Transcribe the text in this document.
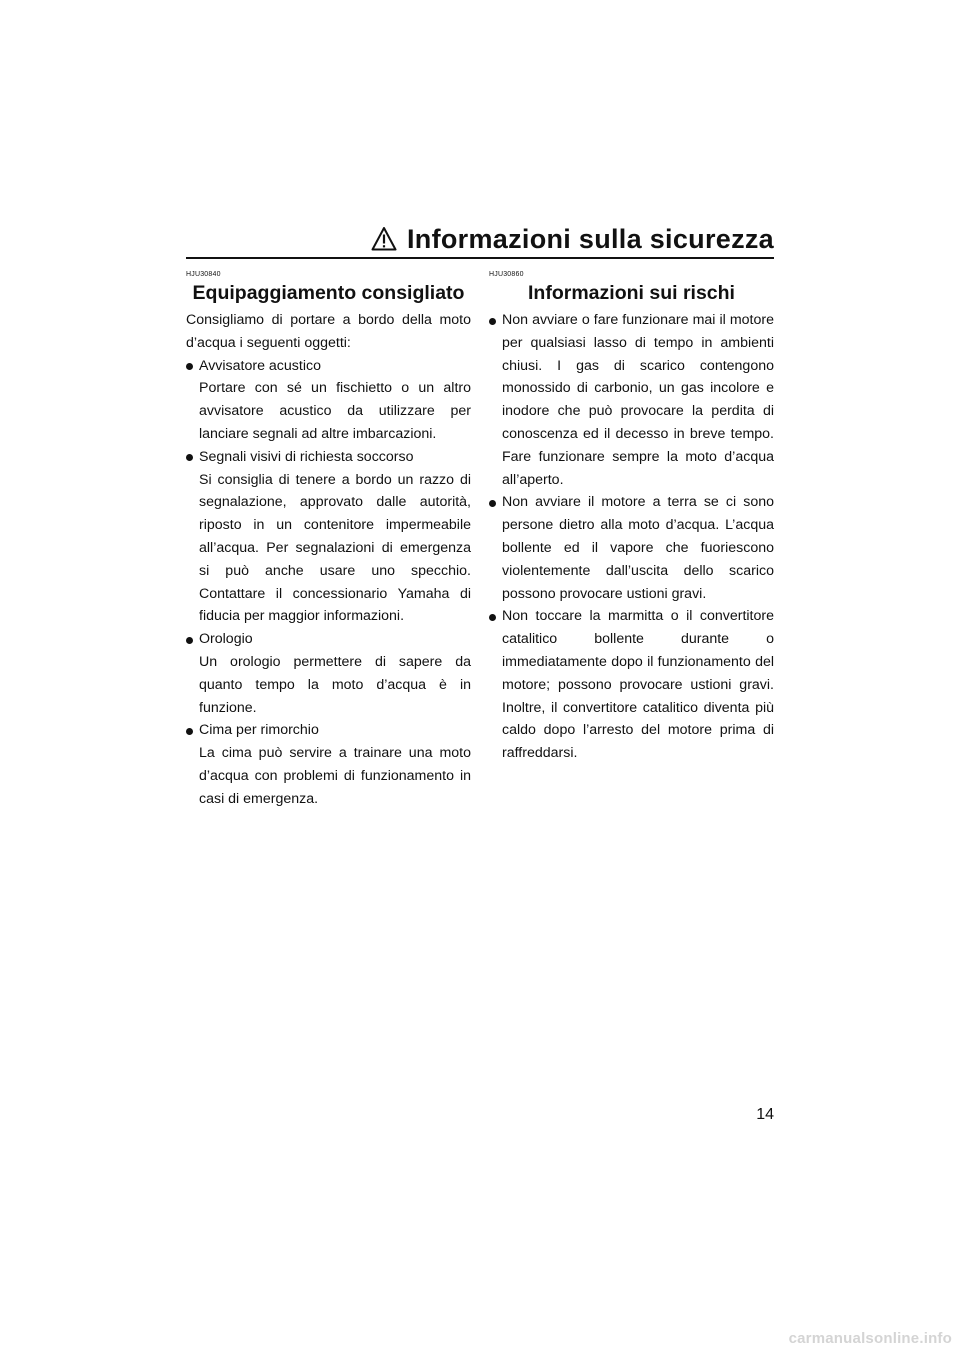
Informazioni sulla sicurezza
HJU30840
Equipaggiamento consigliato

Consigliamo di portare a bordo della moto d’acqua i seguenti oggetti:

Avvisatore acustico
Portare con sé un fischietto o un altro avvisatore acustico da utilizzare per lanciare segnali ad altre imbarcazioni.
Segnali visivi di richiesta soccorso
Si consiglia di tenere a bordo un razzo di segnalazione, approvato dalle autorità, riposto in un contenitore impermeabile all’acqua. Per segnalazioni di emergenza si può anche usare uno specchio. Contattare il concessionario Yamaha di fiducia per maggior informazioni.
Orologio
Un orologio permettere di sapere da quanto tempo la moto d’acqua è in funzione.
Cima per rimorchio
La cima può servire a trainare una moto d’acqua con problemi di funzionamento in casi di emergenza.
HJU30860
Informazioni sui rischi
Non avviare o fare funzionare mai il motore per qualsiasi lasso di tempo in ambienti chiusi. I gas di scarico contengono monossido di carbonio, un gas incolore e inodore che può provocare la perdita di conoscenza ed il decesso in breve tempo. Fare funzionare sempre la moto d’acqua all’aperto.
Non avviare il motore a terra se ci sono persone dietro alla moto d’acqua. L’acqua bollente ed il vapore che fuoriescono violentemente dall’uscita dello scarico possono provocare ustioni gravi.
Non toccare la marmitta o il convertitore catalitico bollente durante o immediatamente dopo il funzionamento del motore; possono provocare ustioni gravi. Inoltre, il convertitore catalitico diventa più caldo dopo l’arresto del motore prima di raffreddarsi.
14
carmanualsonline.info
